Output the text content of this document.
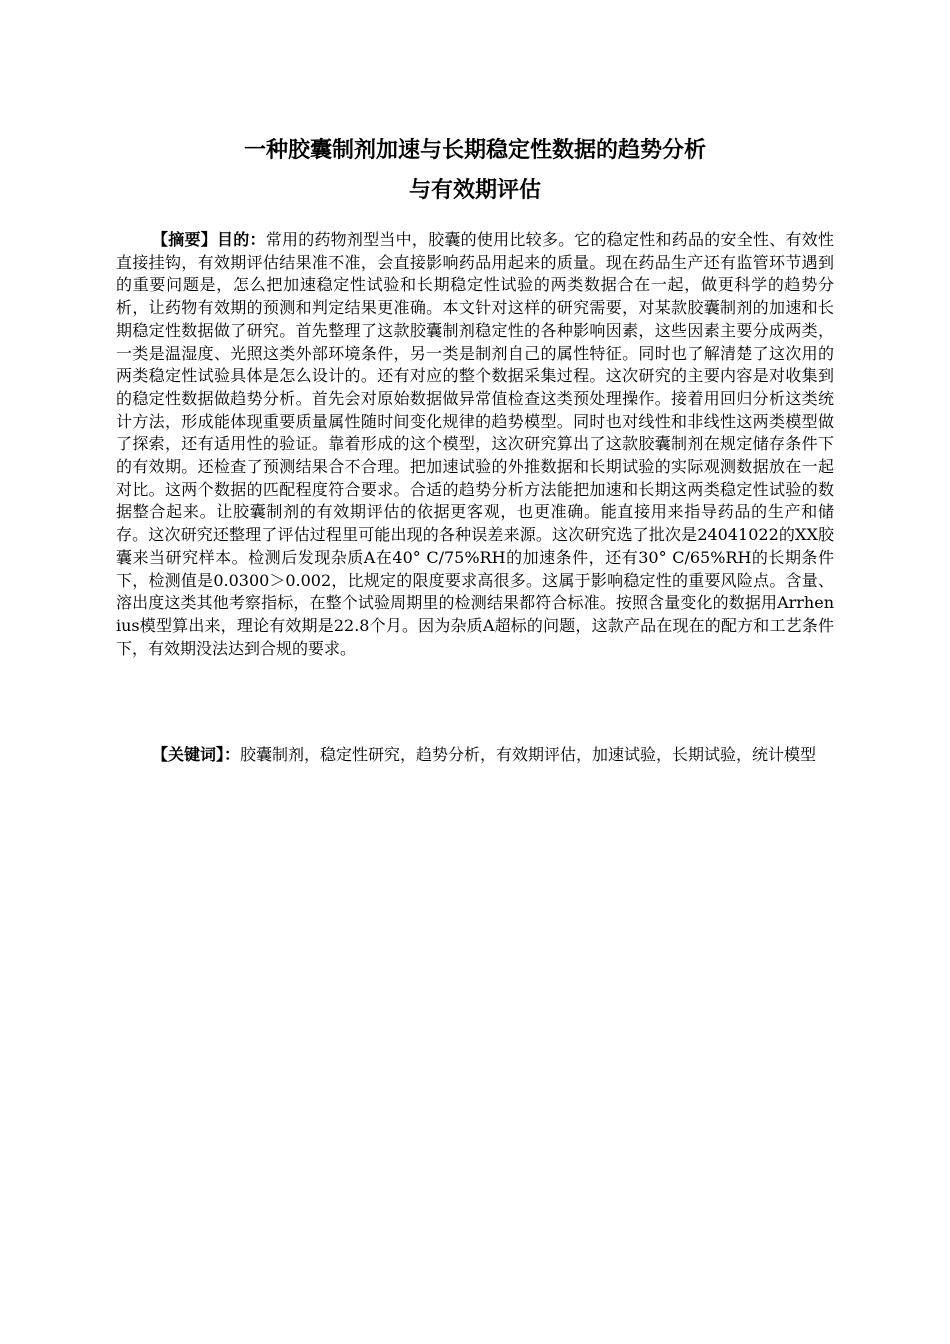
一种胶囊制剂加速与长期稳定性数据的趋势分析
与有效期评估

【摘要】目的：常用的药物剂型当中，胶囊的使用比较多。它的稳定性和药品的安全性、有效性直接挂钩，有效期评估结果准不准，会直接影响药品用起来的质量。现在药品生产还有监管环节遇到的重要问题是，怎么把加速稳定性试验和长期稳定性试验的两类数据合在一起，做更科学的趋势分析，让药物有效期的预测和判定结果更准确。本文针对这样的研究需要，对某款胶囊制剂的加速和长期稳定性数据做了研究。首先整理了这款胶囊制剂稳定性的各种影响因素，这些因素主要分成两类，一类是温湿度、光照这类外部环境条件，另一类是制剂自己的属性特征。同时也了解清楚了这次用的两类稳定性试验具体是怎么设计的。还有对应的整个数据采集过程。这次研究的主要内容是对收集到的稳定性数据做趋势分析。首先会对原始数据做异常值检查这类预处理操作。接着用回归分析这类统计方法，形成能体现重要质量属性随时间变化规律的趋势模型。同时也对线性和非线性这两类模型做了探索，还有适用性的验证。靠着形成的这个模型，这次研究算出了这款胶囊制剂在规定储存条件下的有效期。还检查了预测结果合不合理。把加速试验的外推数据和长期试验的实际观测数据放在一起对比。这两个数据的匹配程度符合要求。合适的趋势分析方法能把加速和长期这两类稳定性试验的数据整合起来。让胶囊制剂的有效期评估的依据更客观，也更准确。能直接用来指导药品的生产和储存。这次研究还整理了评估过程里可能出现的各种误差来源。这次研究选了批次是24041022的XX胶囊来当研究样本。检测后发现杂质A在40° C/75%RH的加速条件，还有30° C/65%RH的长期条件下，检测值是0.0300＞0.002，比规定的限度要求高很多。这属于影响稳定性的重要风险点。含量、溶出度这类其他考察指标，在整个试验周期里的检测结果都符合标准。按照含量变化的数据用Arrhenius模型算出来，理论有效期是22.8个月。因为杂质A超标的问题，这款产品在现在的配方和工艺条件下，有效期没法达到合规的要求。

【关键词】：胶囊制剂，稳定性研究，趋势分析，有效期评估，加速试验，长期试验，统计模型
